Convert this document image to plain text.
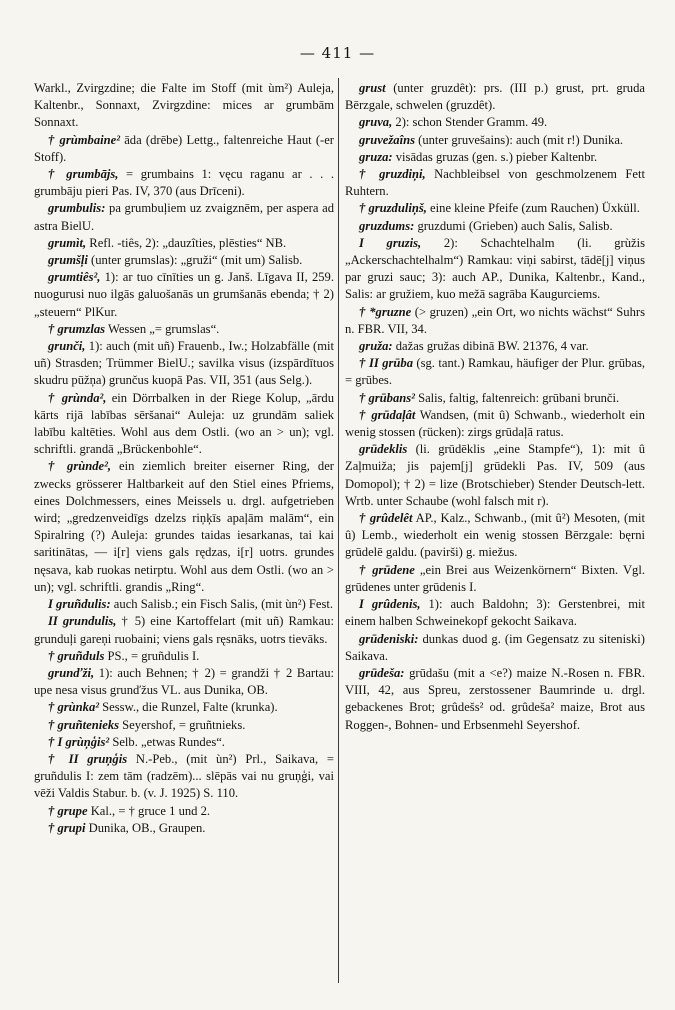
— 411 —
Warkl., Zvirgzdine; die Falte im Stoff (mit ùm²) Auleja, Kaltenbr., Sonnaxt, Zvirgzdine: mices ar grumbām Sonnaxt.
† grùmbaine² āda (drēbe) Lettg., faltenreiche Haut (-er Stoff).
† grumbājs, = grumbains 1: vęcu raganu ar . . . grumbāju pieri Pas. IV, 370 (aus Drīceni).
grumbulis: pa grumbuļiem uz zvaigznēm, per aspera ad astra BielU.
grumìt, Refl. -tiês, 2): „dauzîties, plēsties“ NB.
grumšļi (unter grumslas): „gruži“ (mit um) Salisb.
grumtiês², 1): ar tuo cīnīties un g. Janš. Līgava II, 259. nuogurusi nuo ilgās galuošanās un grumšanās ebenda; † 2) „steuern“ PlKur.
† grumzlas Wessen „= grumslas“.
grunči, 1): auch (mit uñ) Frauenb., Iw.; Holzabfälle (mit uñ) Strasden; Trümmer BielU.; savilka visus (izspārdītuos skudru pūžņa) grunčus kuopā Pas. VII, 351 (aus Selg.).
† grùnda², ein Dörrbalken in der Riege Kolup, „ārdu kārts rijā labības sēršanai“ Auleja: uz grundām saliek labību kaltēties. Wohl aus dem Ostli. (wo an > un); vgl. schriftli. grandā „Brückenbohle“.
† grùnde², ein ziemlich breiter eiserner Ring, der zwecks grösserer Haltbarkeit auf den Stiel eines Pfriems, eines Dolchmessers, eines Meissels u. drgl. aufgetrieben wird; „gredzenveidīgs dzelzs riņķīs apaļām malām“, ein Spiralring (?) Auleja: grundes taidas iesarkanas, tai kai saritinātas, — i[r] viens gals rędzas, i[r] uotrs. grundes nęsava, kab ruokas netirptu. Wohl aus dem Ostli. (wo an > un); vgl. schriftli. grandis „Ring“.
I gruñdulis: auch Salisb.; ein Fisch Salis, (mit ùn²) Fest.
II grundulis, † 5) eine Kartoffelart (mit uñ) Ramkau: grunduļi gareņi ruobaini; viens gals ręsnāks, uotrs tievāks.
† gruñduls PS., = gruñdulis I.
grunďži, 1): auch Behnen; † 2) = grandži † 2 Bartau: upe nesa visus grunďžus VL. aus Dunika, OB.
† grùnka² Sessw., die Runzel, Falte (krunka).
† gruñtenieks Seyershof, = gruñtnieks.
† I grùņģis² Selb. „etwas Rundes“.
† II gruņģis N.-Peb., (mit ùn²) Prl., Saikava, = gruñdulis I: zem tām (radzēm)... slēpās vai nu gruņģi, vai vēži Valdis Stabur. b. (v. J. 1925) S. 110.
† grupe Kal., = † gruce 1 und 2.
† grupi Dunika, OB., Graupen.
grust (unter gruzdêt): prs. (III p.) grust, prt. gruda Bērzgale, schwelen (gruzdêt).
gruva, 2): schon Stender Gramm. 49.
gruvežaîns (unter gruvešains): auch (mit r!) Dunika.
gruza: visādas gruzas (gen. s.) pieber Kaltenbr.
† gruzdiņi, Nachbleibsel von geschmolzenem Fett Ruhtern.
† gruzduliņš, eine kleine Pfeife (zum Rauchen) Üxküll.
gruzdums: gruzdumi (Grieben) auch Salis, Salisb.
I gruzis, 2): Schachtelhalm (li. grùžis „Ackerschachtelhalm“) Ramkau: viņi sabirst, tādē[j] viņus par gruzi sauc; 3): auch AP., Dunika, Kaltenbr., Kand., Salis: ar gružiem, kuo mežā sagrāba Kaugurciems.
† *gruzne (> gruzen) „ein Ort, wo nichts wächst“ Suhrs n. FBR. VII, 34.
gruža: dažas gružas dibinā BW. 21376, 4 var.
† II grūba (sg. tant.) Ramkau, häufiger der Plur. grūbas, = grūbes.
† grūbans² Salis, faltig, faltenreich: grūbani brunči.
† grūdaļât Wandsen, (mit û) Schwanb., wiederholt ein wenig stossen (rücken): zirgs grūdaļā ratus.
grūdeklis (li. grūdēklis „eine Stampfe“), 1): mit û Zaļmuiža; jis pajem[j] grūdekli Pas. IV, 509 (aus Domopol); † 2) = lize (Brotschieber) Stender Deutsch-lett. Wrtb. unter Schaube (wohl falsch mit r).
† grûdelêt AP., Kalz., Schwanb., (mit û²) Mesoten, (mit û) Lemb., wiederholt ein wenig stossen Bērzgale: bęrni grūdelē galdu. (pavirši) g. miežus.
† grūdene „ein Brei aus Weizenkörnern“ Bixten. Vgl. grūdenes unter grūdenis I.
I grûdenis, 1): auch Baldohn; 3): Gerstenbrei, mit einem halben Schweinekopf gekocht Saikava.
grūdeniski: dunkas duod g. (im Gegensatz zu siteniski) Saikava.
grūdeša: grūdašu (mit a <e?) maize N.-Rosen n. FBR. VIII, 42, aus Spreu, zerstossener Baumrinde u. drgl. gebackenes Brot; grûdešs² od. grûdeša² maize, Brot aus Roggen-, Bohnen- und Erbsenmehl Seyershof.
